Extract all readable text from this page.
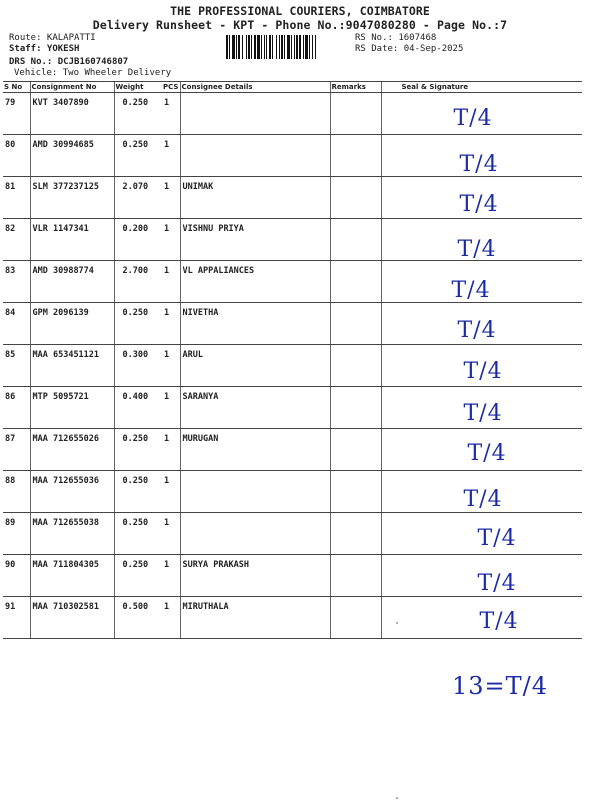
THE PROFESSIONAL COURIERS, COIMBATORE
Delivery Runsheet - KPT - Phone No.:9047080280 - Page No.:7
Route: KALAPATTI
Staff: YOKESH
DRS No.: DCJB160746807
Vehicle: Two Wheeler Delivery
RS No.: 1607468
RS Date: 04-Sep-2025
S No	Consignment No	Weight	PCS	Consignee Details	Remarks	Seal & Signature
79	KVT 3407890	0.250	1			T/4

80	AMD 30994685	0.250	1			T/4

81	SLM 377237125	2.070	1	UNIMAK		T/4

82	VLR 1147341	0.200	1	VISHNU PRIYA		T/4

83	AMD 30988774	2.700	1	VL APPALIANCES		T/4

84	GPM 2096139	0.250	1	NIVETHA		T/4

85	MAA 653451121	0.300	1	ARUL		T/4

86	MTP 5095721	0.400	1	SARANYA		T/4

87	MAA 712655026	0.250	1	MURUGAN		T/4

88	MAA 712655036	0.250	1			T/4

89	MAA 712655038	0.250	1			T/4

90	MAA 711804305	0.250	1	SURYA PRAKASH		T/4

91	MAA 710302581	0.500	1	MIRUTHALA		T/4
13=T/4
